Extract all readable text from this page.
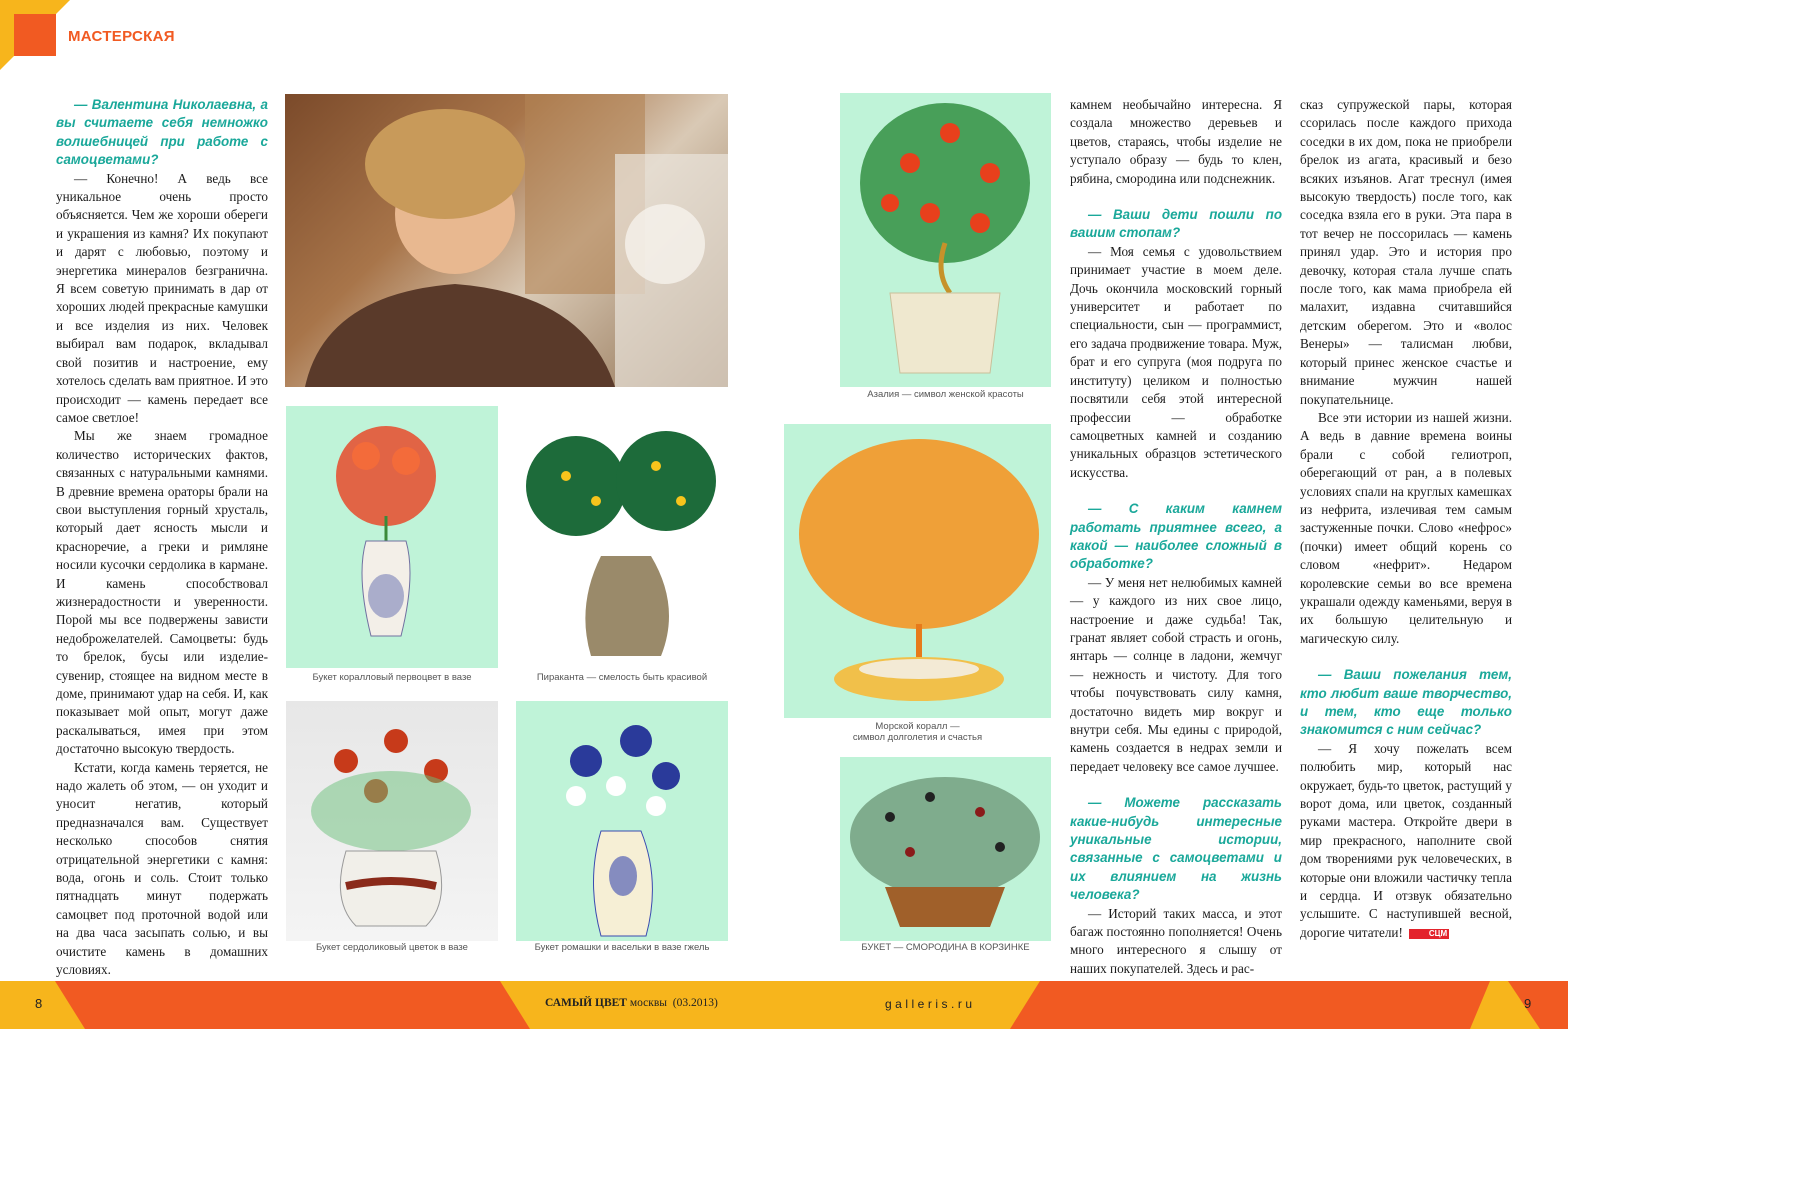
МАСТЕРСКАЯ

— Валентина Николаевна, а вы считаете себя немножко волшебницей при работе с самоцветами?

— Конечно! А ведь все уникальное очень просто объясняется. Чем же хороши обереги и украшения из камня? Их покупают и дарят с любовью, поэтому и энергетика минералов безгранична. Я всем советую принимать в дар от хороших людей прекрасные камушки и все изделия из них. Человек выбирал вам подарок, вкладывал свой позитив и настроение, ему хотелось сделать вам приятное. И это происходит — камень передает все самое светлое!

Мы же знаем громадное количество исторических фактов, связанных с натуральными камнями. В древние времена ораторы брали на свои выступления горный хрусталь, который дает ясность мысли и красноречие, а греки и римляне носили кусочки сердолика в кармане. И камень способствовал жизнерадостности и уверенности. Порой мы все подвержены зависти недоброжелателей. Самоцветы: будь то брелок, бусы или изделие-сувенир, стоящее на видном месте в доме, принимают удар на себя. И, как показывает мой опыт, могут даже раскалываться, имея при этом достаточно высокую твердость.

Кстати, когда камень теряется, не надо жалеть об этом, — он уходит и уносит негатив, который предназначался вам. Существует несколько способов снятия отрицательной энергетики с камня: вода, огонь и соль. Стоит только пятнадцать минут подержать самоцвет под проточной водой или на два часа засыпать солью, и вы очистите камень в домашних условиях.

Букет коралловый первоцвет в вазе	Пираканта — смелость быть красивой
Букет сердоликовый цветок в вазе	Букет ромашки и васельки в вазе гжель
Азалия — символ женской красоты
Морской коралл —
символ долголетия и счастья
БУКЕТ — СМОРОДИНА В КОРЗИНКЕ

камнем необычайно интересна. Я создала множество деревьев и цветов, стараясь, чтобы изделие не уступало образу — будь то клен, рябина, смородина или подснежник.

— Ваши дети пошли по вашим стопам?

— Моя семья с удовольствием принимает участие в моем деле. Дочь окончила московский горный университет и работает по специальности, сын — программист, его задача продвижение товара. Муж, брат и его супруга (моя подруга по институту) целиком и полностью посвятили себя этой интересной профессии — обработке самоцветных камней и созданию уникальных образцов эстетического искусства.

— С каким камнем работать приятнее всего, а какой — наиболее сложный в обработке?

— У меня нет нелюбимых камней — у каждого из них свое лицо, настроение и даже судьба! Так, гранат являет собой страсть и огонь, янтарь — солнце в ладони, жемчуг — нежность и чистоту. Для того чтобы почувствовать силу камня, достаточно видеть мир вокруг и внутри себя. Мы едины с природой, камень создается в недрах земли и передает человеку все самое лучшее.

— Можете рассказать какие-нибудь интересные уникальные истории, связанные с самоцветами и их влиянием на жизнь человека?

— Историй таких масса, и этот багаж постоянно пополняется! Очень много интересного я слышу от наших покупателей. Здесь и рас-

сказ супружеской пары, которая ссорилась после каждого прихода соседки в их дом, пока не приобрели брелок из агата, красивый и безо всяких изъянов. Агат треснул (имея высокую твердость) после того, как соседка взяла его в руки. Эта пара в тот вечер не поссорилась — камень принял удар. Это и история про девочку, которая стала лучше спать после того, как мама приобрела ей малахит, издавна считавшийся детским оберегом. Это и «волос Венеры» — талисман любви, который принес женское счастье и внимание мужчин нашей покупательнице.

Все эти истории из нашей жизни. А ведь в давние времена воины брали с собой гелиотроп, оберегающий от ран, а в полевых условиях спали на круглых камешках из нефрита, излечивая тем самым застуженные почки. Слово «нефрос» (почки) имеет общий корень со словом «нефрит». Недаром королевские семьи во все времена украшали одежду каменьями, веруя в их большую целительную и магическую силу.

— Ваши пожелания тем, кто любит ваше творчество, и тем, кто еще только знакомится с ним сейчас?

— Я хочу пожелать всем полюбить мир, который нас окружает, будь-то цветок, растущий у ворот дома, или цветок, созданный руками мастера. Откройте двери в мир прекрасного, наполните свой дом творениями рук человеческих, в которые они вложили частичку тепла и сердца. И отзвук обязательно услышите. С наступившей весной, дорогие читатели!	СЦМ

8	9
САМЫЙ ЦВЕТ москвы (03.2013)	galleris.ru
